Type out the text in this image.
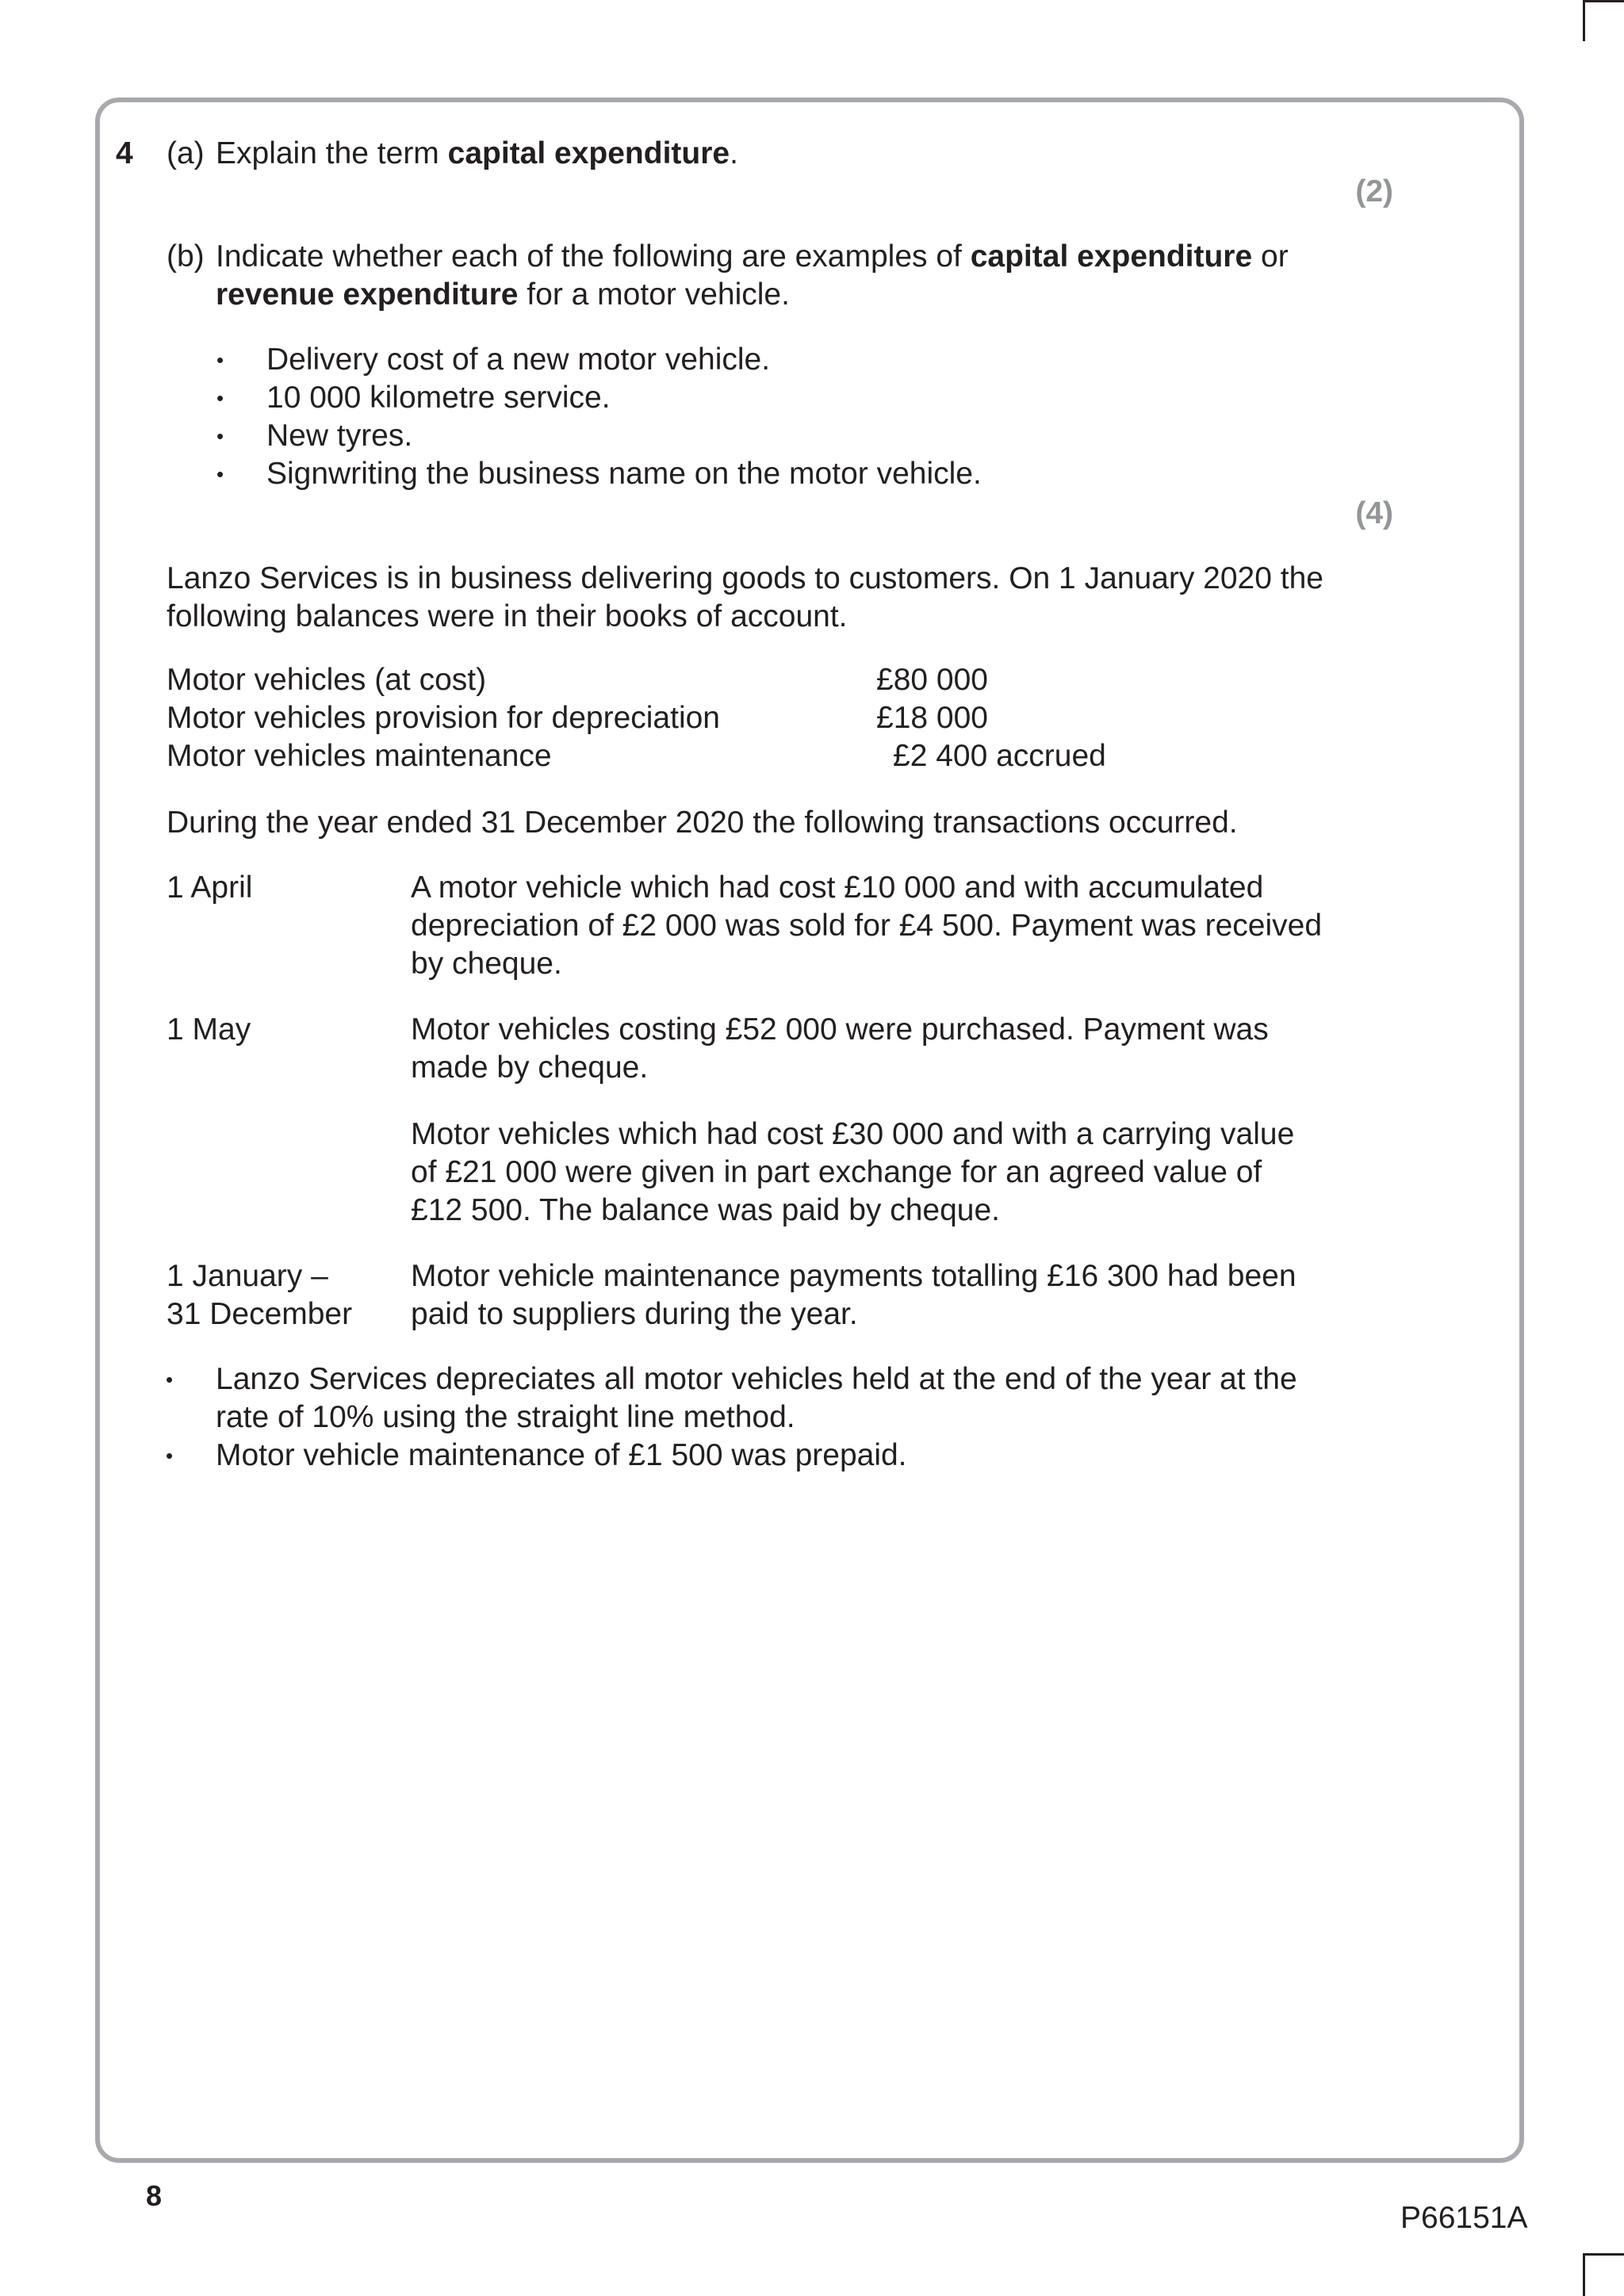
4 (a) Explain the term capital expenditure.
(2)
(b) Indicate whether each of the following are examples of capital expenditure or
revenue expenditure for a motor vehicle.
• Delivery cost of a new motor vehicle.
• 10 000 kilometre service.
• New tyres.
• Signwriting the business name on the motor vehicle.
(4)
Lanzo Services is in business delivering goods to customers. On 1 January 2020 the
following balances were in their books of account.
Motor vehicles (at cost)	£80 000
Motor vehicles provision for depreciation	£18 000
Motor vehicles maintenance	£2 400 accrued
During the year ended 31 December 2020 the following transactions occurred.
1 April	A motor vehicle which had cost £10 000 and with accumulated
depreciation of £2 000 was sold for £4 500. Payment was received
by cheque.
1 May	Motor vehicles costing £52 000 were purchased. Payment was
made by cheque.
Motor vehicles which had cost £30 000 and with a carrying value
of £21 000 were given in part exchange for an agreed value of
£12 500. The balance was paid by cheque.
1 January –
31 December
Motor vehicle maintenance payments totalling £16 300 had been
paid to suppliers during the year.
• Lanzo Services depreciates all motor vehicles held at the end of the year at the
rate of 10% using the straight line method.
• Motor vehicle maintenance of £1 500 was prepaid.
8
P66151A
